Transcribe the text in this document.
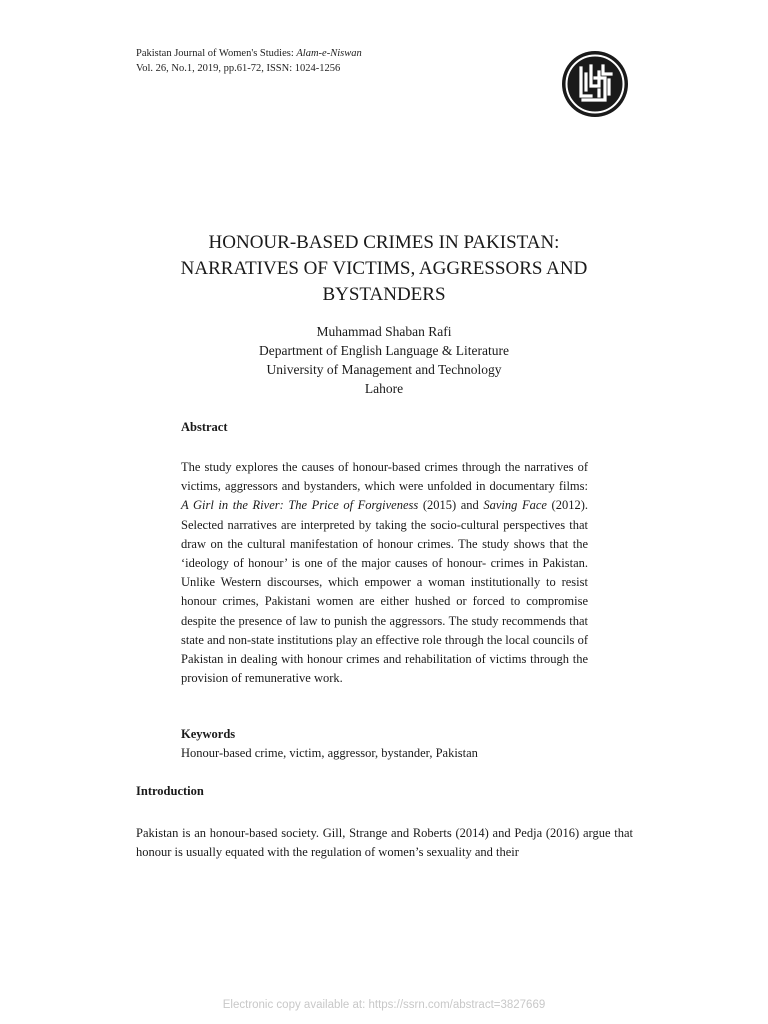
Pakistan Journal of Women's Studies: Alam-e-Niswan
Vol. 26, No.1, 2019, pp.61-72, ISSN: 1024-1256
HONOUR-BASED CRIMES IN PAKISTAN:
NARRATIVES OF VICTIMS, AGGRESSORS AND
BYSTANDERS
Muhammad Shaban Rafi
Department of English Language & Literature
University of Management and Technology
Lahore
Abstract
The study explores the causes of honour-based crimes through the narratives of victims, aggressors and bystanders, which were unfolded in documentary films: A Girl in the River: The Price of Forgiveness (2015) and Saving Face (2012). Selected narratives are interpreted by taking the socio-cultural perspectives that draw on the cultural manifestation of honour crimes. The study shows that the ‘ideology of honour’ is one of the major causes of honour- crimes in Pakistan. Unlike Western discourses, which empower a woman institutionally to resist honour crimes, Pakistani women are either hushed or forced to compromise despite the presence of law to punish the aggressors. The study recommends that state and non-state institutions play an effective role through the local councils of Pakistan in dealing with honour crimes and rehabilitation of victims through the provision of remunerative work.
Keywords
Honour-based crime, victim, aggressor, bystander, Pakistan
Introduction
Pakistan is an honour-based society. Gill, Strange and Roberts (2014) and Pedja (2016) argue that honour is usually equated with the regulation of women’s sexuality and their
Electronic copy available at: https://ssrn.com/abstract=3827669
